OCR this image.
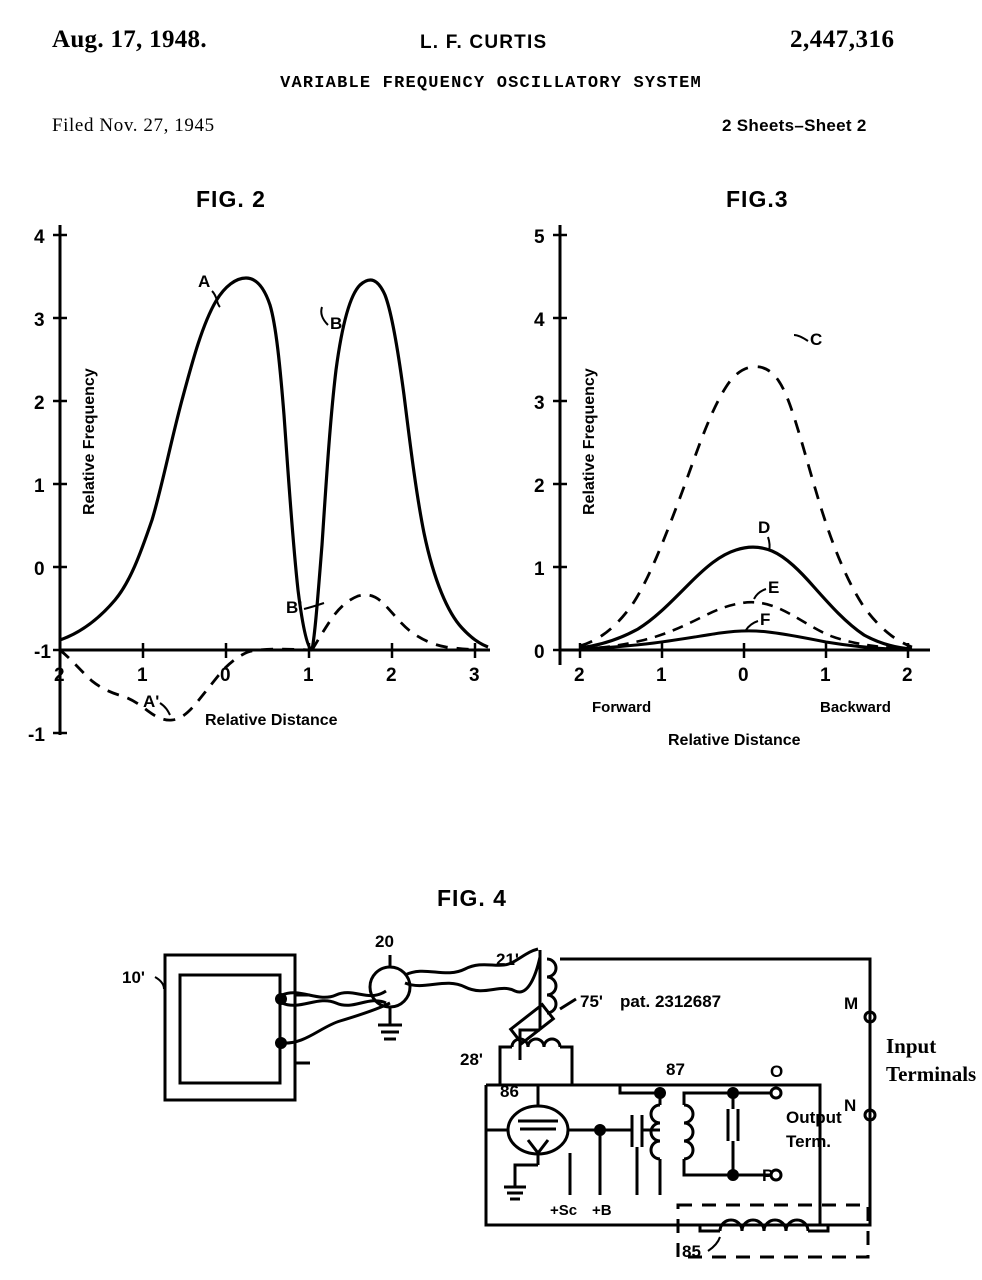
Aug. 17, 1948.	L. F. CURTIS	2,447,316
VARIABLE FREQUENCY OSCILLATORY SYSTEM
Filed Nov. 27, 1945	2 Sheets–Sheet 2
FIG. 2	FIG.3
FIG. 4
4
3
2
1
0
-1
-1
2	1	0	1	2	3
A
B
A'
B'
Relative Frequency
Relative Distance
5
4
3
2
1
0
2	1	0	1	2
C
D
E
F
Relative Frequency
Forward	Backward
Relative Distance
10'
20
21'
75' pat. 2312687
28'
86
+Sc +B
87	O
P
Output
Term.
85
M
N
Input
Terminals
